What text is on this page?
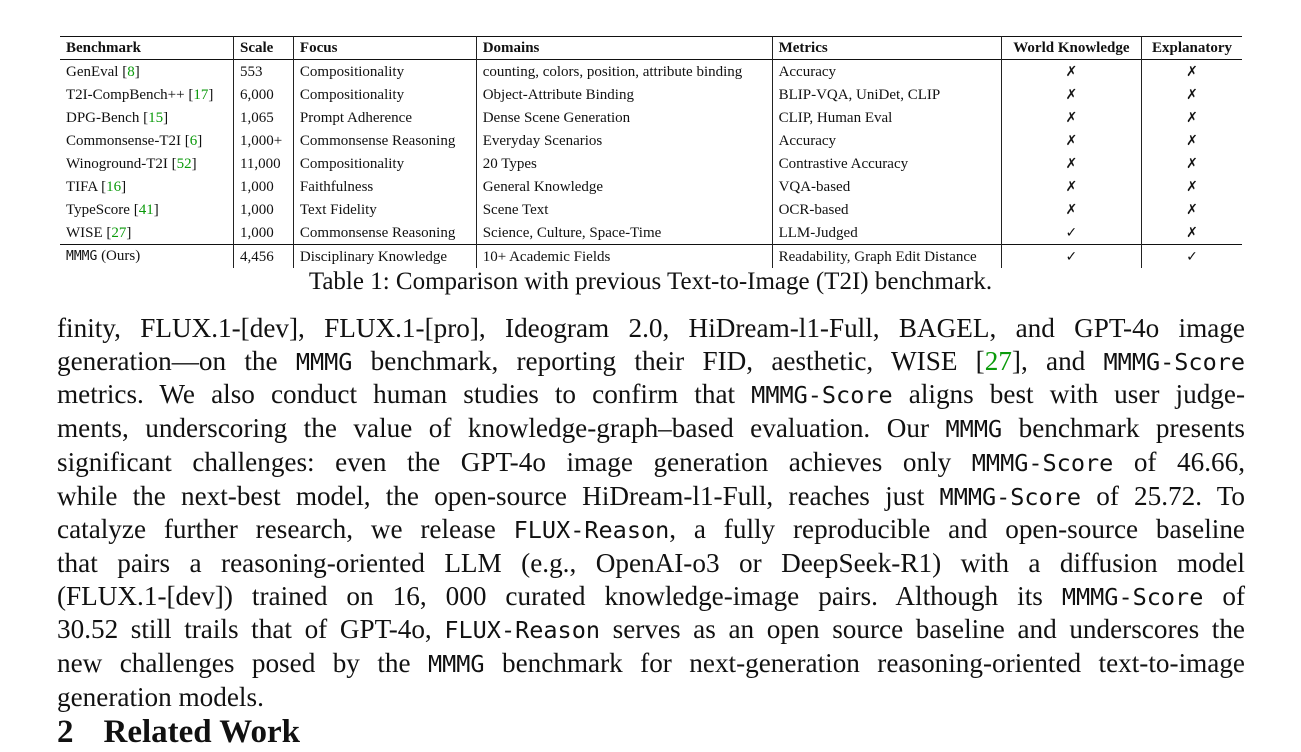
Benchmark	Scale	Focus	Domains	Metrics	World Knowledge	Explanatory
GenEval [8]	553	Compositionality	counting, colors, position, attribute binding	Accuracy	✗	✗
T2I-CompBench++ [17]	6,000	Compositionality	Object-Attribute Binding	BLIP-VQA, UniDet, CLIP	✗	✗
DPG-Bench [15]	1,065	Prompt Adherence	Dense Scene Generation	CLIP, Human Eval	✗	✗
Commonsense-T2I [6]	1,000+	Commonsense Reasoning	Everyday Scenarios	Accuracy	✗	✗
Winoground-T2I [52]	11,000	Compositionality	20 Types	Contrastive Accuracy	✗	✗
TIFA [16]	1,000	Faithfulness	General Knowledge	VQA-based	✗	✗
TypeScore [41]	1,000	Text Fidelity	Scene Text	OCR-based	✗	✗
WISE [27]	1,000	Commonsense Reasoning	Science, Culture, Space-Time	LLM-Judged	✓	✗
MMMG (Ours)	4,456	Disciplinary Knowledge	10+ Academic Fields	Readability, Graph Edit Distance	✓	✓
Table 1: Comparison with previous Text-to-Image (T2I) benchmark.
finity, FLUX.1-[dev], FLUX.1-[pro], Ideogram 2.0, HiDream-l1-Full, BAGEL, and GPT-4o image
generation—on the MMMG benchmark, reporting their FID, aesthetic, WISE [27], and MMMG-Score
metrics. We also conduct human studies to confirm that MMMG-Score aligns best with user judge-
ments, underscoring the value of knowledge-graph–based evaluation. Our MMMG benchmark presents
significant challenges: even the GPT-4o image generation achieves only MMMG-Score of 46.66,
while the next-best model, the open-source HiDream-l1-Full, reaches just MMMG-Score of 25.72. To
catalyze further research, we release FLUX-Reason, a fully reproducible and open-source baseline
that pairs a reasoning-oriented LLM (e.g., OpenAI-o3 or DeepSeek-R1) with a diffusion model
(FLUX.1-[dev]) trained on 16, 000 curated knowledge-image pairs. Although its MMMG-Score of
30.52 still trails that of GPT-4o, FLUX-Reason serves as an open source baseline and underscores the
new challenges posed by the MMMG benchmark for next-generation reasoning-oriented text-to-image
generation models.
2 Related Work
